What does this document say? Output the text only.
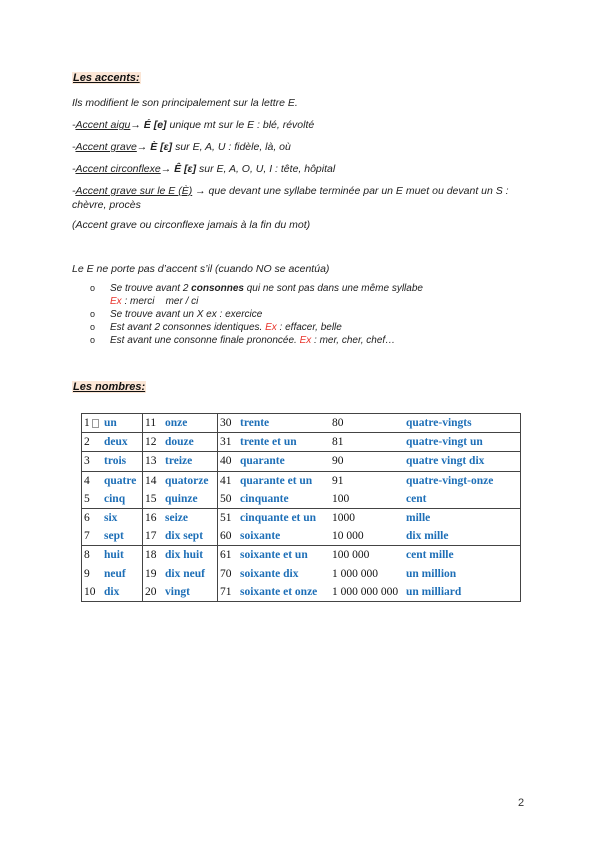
Les accents:
Ils modifient le son principalement sur la lettre E.
-Accent aigu→ É [e] unique mt sur le E : blé, révolté
-Accent grave→ È [ɛ] sur E, A, U : fidèle, là, où
-Accent circonflexe→ Ê [ɛ] sur E, A, O, U, I : tête, hôpital
-Accent grave sur le E (È) → que devant une syllabe terminée par un E muet ou devant un S : chèvre, procès
(Accent grave ou circonflexe jamais à la fin du mot)
Le E ne porte pas d’accent s’il (cuando NO se acentúa)
o Se trouve avant 2 consonnes qui ne sont pas dans une même syllabe
Ex : merci    mer / ci
o Se trouve avant un X ex : exercice
o Est avant 2 consonnes identiques. Ex : effacer, belle
o Est avant une consonne finale prononcée. Ex : mer, cher, chef…
Les nombres:
1	un	11	onze	30	trente	80	quatre-vingts
2	deux	12	douze	31	trente et un	81	quatre-vingt un
3	trois	13	treize	40	quarante	90	quatre vingt dix
4	quatre	14	quatorze	41	quarante et un	91	quatre-vingt-onze
5	cinq	15	quinze	50	cinquante	100	cent
6	six	16	seize	51	cinquante et un	1000	mille
7	sept	17	dix sept	60	soixante	10 000	dix mille
8	huit	18	dix huit	61	soixante et un	100 000	cent mille
9	neuf	19	dix neuf	70	soixante dix	1 000 000	un million
10	dix	20	vingt	71	soixante et onze	1 000 000 000	un milliard
2
